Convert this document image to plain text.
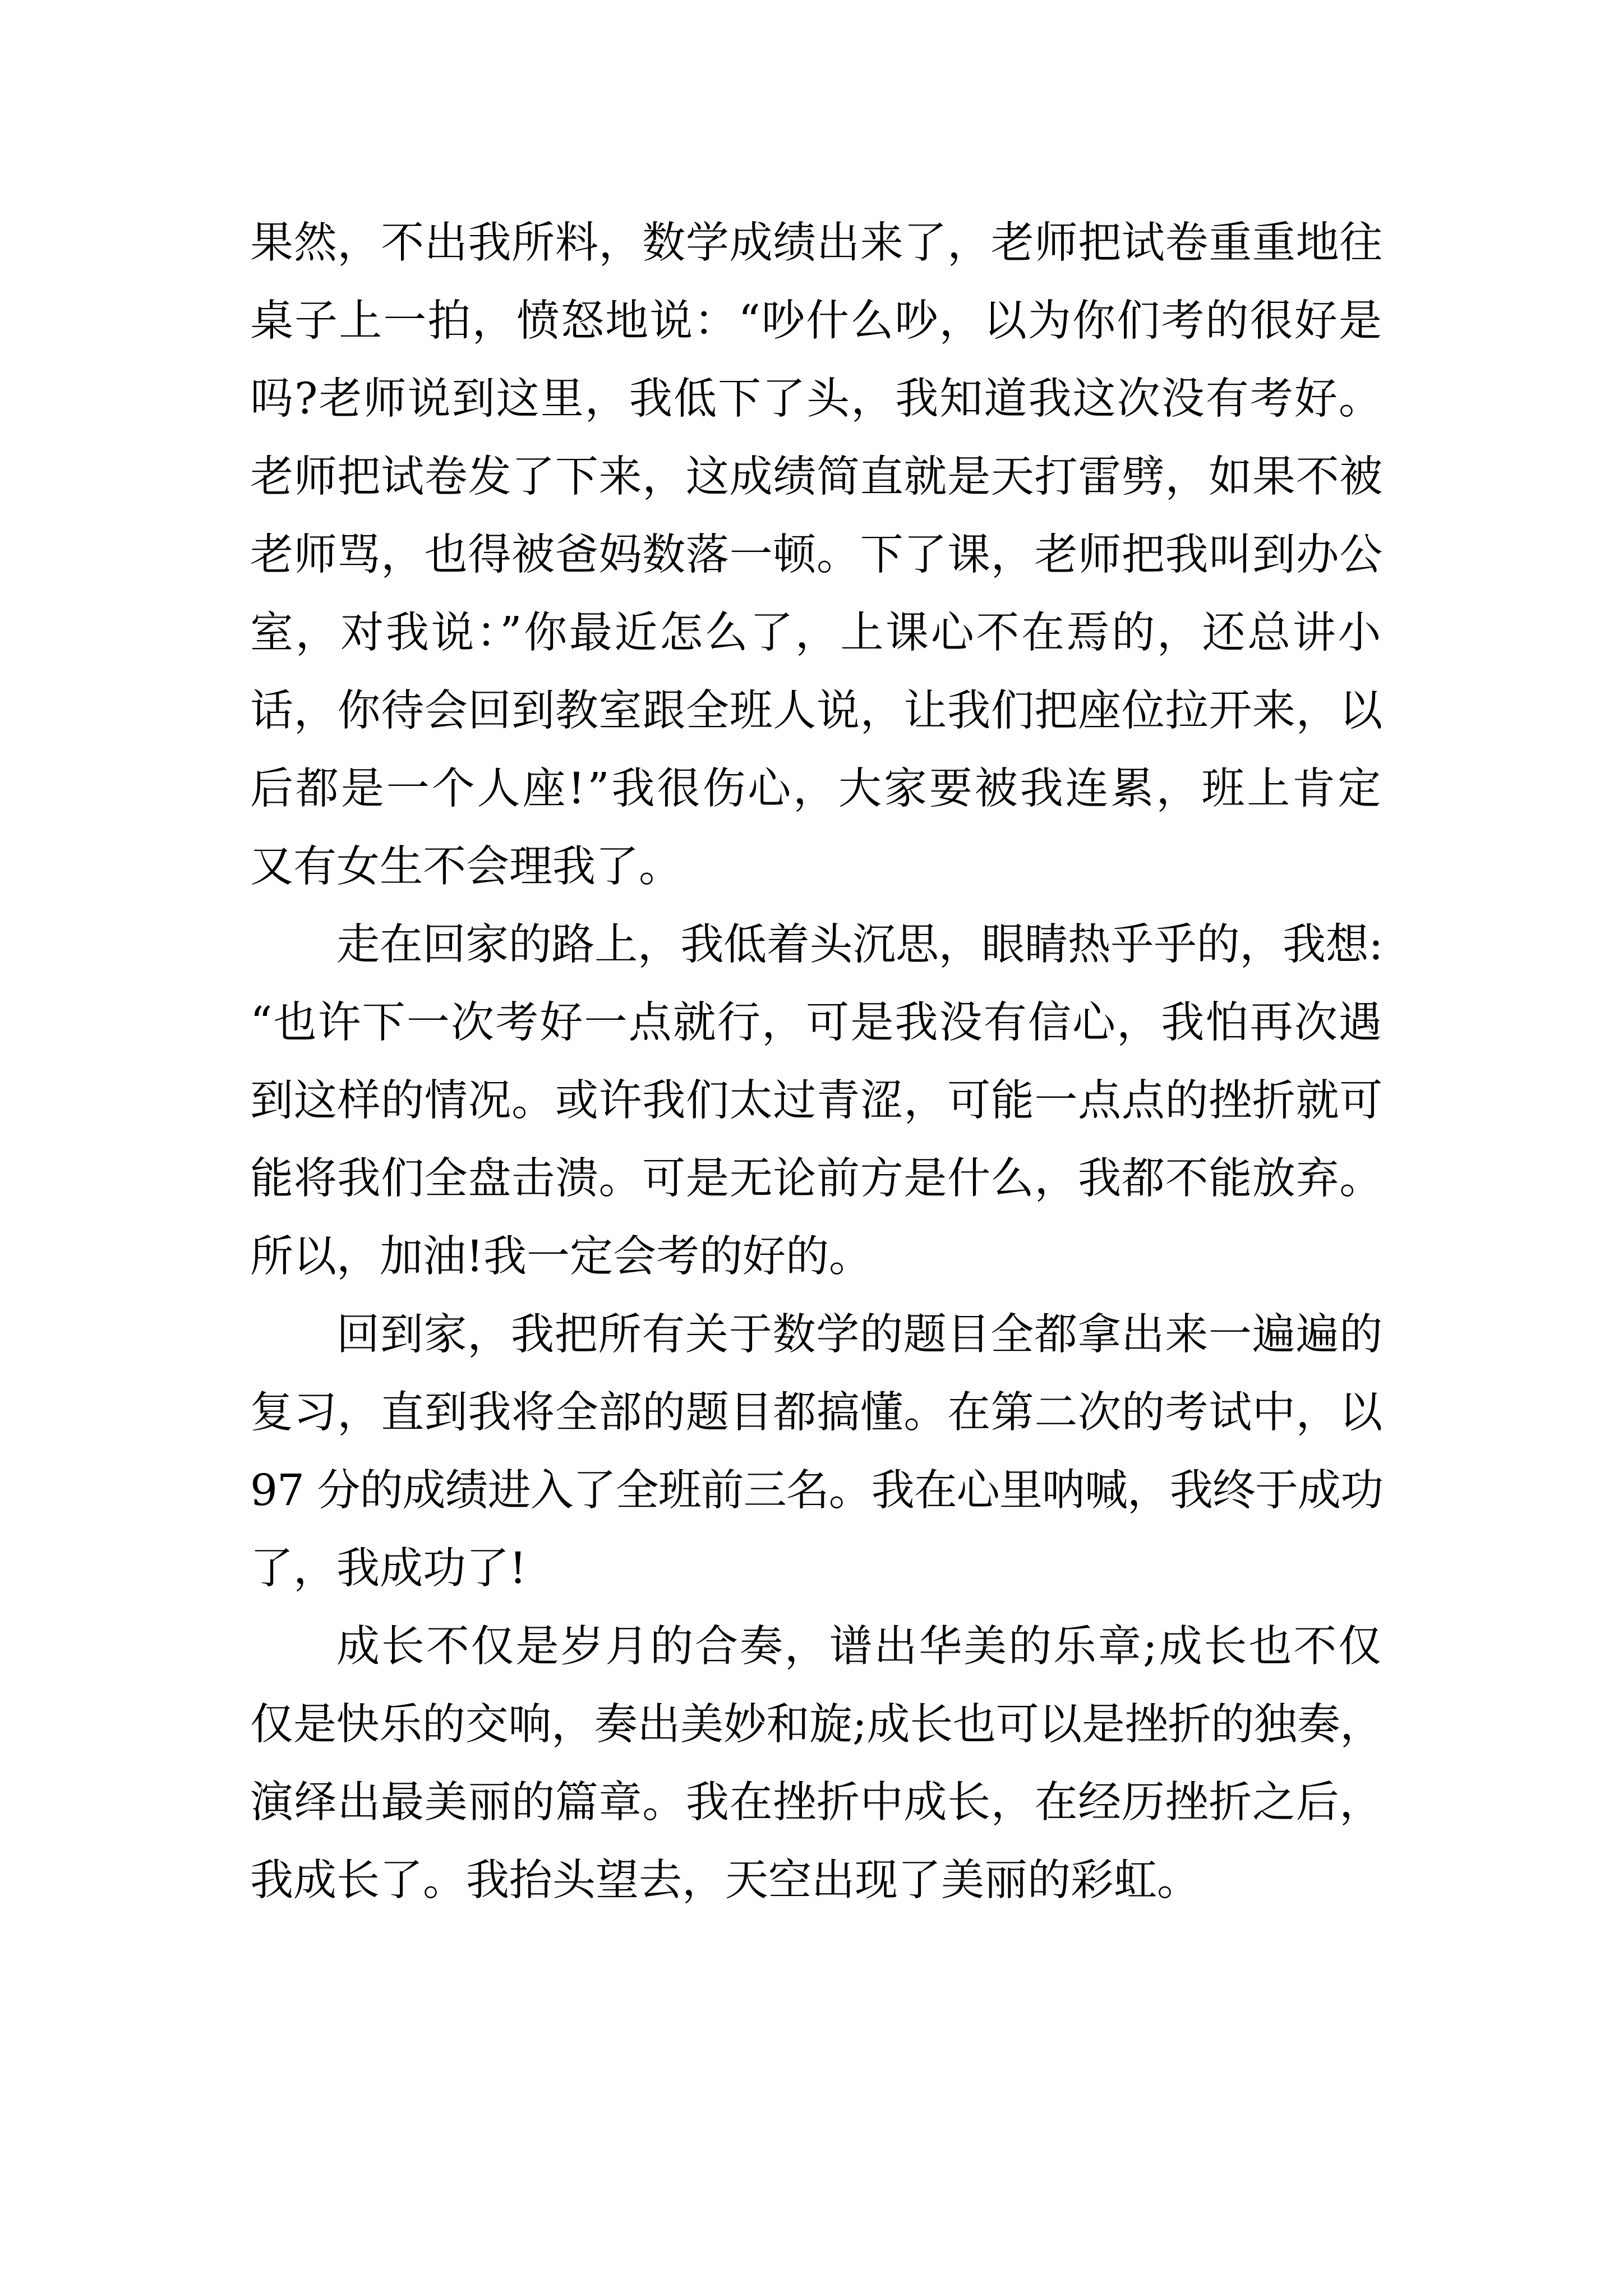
果然，不出我所料，数学成绩出来了，老师把试卷重重地往
桌子上一拍，愤怒地说：“吵什么吵，以为你们考的很好是
吗?老师说到这里，我低下了头，我知道我这次没有考好。
老师把试卷发了下来，这成绩简直就是天打雷劈，如果不被
老师骂，也得被爸妈数落一顿。下了课，老师把我叫到办公
室，对我说：”你最近怎么了，上课心不在焉的，还总讲小
话，你待会回到教室跟全班人说，让我们把座位拉开来，以
后都是一个人座!”我很伤心，大家要被我连累，班上肯定
又有女生不会理我了。
走在回家的路上，我低着头沉思，眼睛热乎乎的，我想:
“也许下一次考好一点就行，可是我没有信心，我怕再次遇
到这样的情况。或许我们太过青涩，可能一点点的挫折就可
能将我们全盘击溃。可是无论前方是什么，我都不能放弃。
所以，加油!我一定会考的好的。
回到家，我把所有关于数学的题目全都拿出来一遍遍的
复习，直到我将全部的题目都搞懂。在第二次的考试中，以
97 分的成绩进入了全班前三名。我在心里呐喊，我终于成功
了，我成功了!
成长不仅是岁月的合奏，谱出华美的乐章;成长也不仅
仅是快乐的交响，奏出美妙和旋;成长也可以是挫折的独奏，
演绎出最美丽的篇章。我在挫折中成长，在经历挫折之后，
我成长了。我抬头望去，天空出现了美丽的彩虹。
